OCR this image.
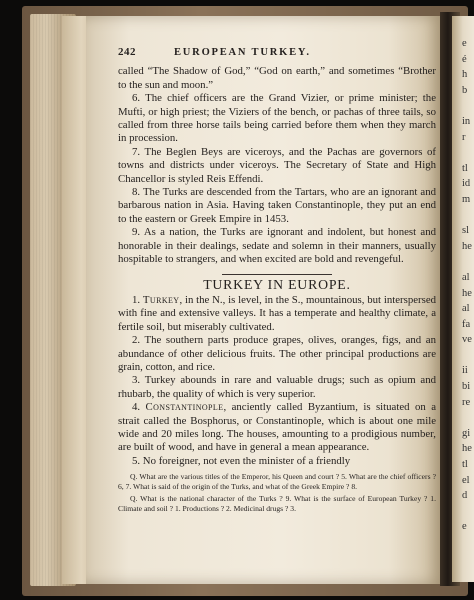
е
é
h
b

in
r

tl
id
m

sl
he

al
he
al
fa
ve

ii
bi
re

gi
he
tl
el
d

e
242	EUROPEAN TURKEY.

called “The Shadow of God,” “God on earth,” and sometimes “Brother to the sun and moon.”

6. The chief officers are the Grand Vizier, or prime minister; the Mufti, or high priest; the Viziers of the bench, or pachas of three tails, so called from three horse tails being carried before them when they march in procession.

7. The Beglen Beys are viceroys, and the Pachas are governors of towns and districts under viceroys. The Secretary of State and High Chancellor is styled Reis Effendi.

8. The Turks are descended from the Tartars, who are an ignorant and barbarous nation in Asia. Having taken Constantinople, they put an end to the eastern or Greek Empire in 1453.

9. As a nation, the Turks are ignorant and indolent, but honest and honorable in their dealings, sedate and solemn in their manners, usually hospitable to strangers, and when excited are bold and revengeful.

TURKEY IN EUROPE.

1. Turkey, in the N., is level, in the S., mountainous, but interspersed with fine and extensive valleys. It has a temperate and healthy climate, a fertile soil, but miserably cultivated.

2. The southern parts produce grapes, olives, oranges, figs, and an abundance of other delicious fruits. The other principal productions are grain, cotton, and rice.

3. Turkey abounds in rare and valuable drugs; such as opium and rhubarb, the quality of which is very superior.

4. Constantinople, anciently called Byzantium, is situated on a strait called the Bosphorus, or Constantinople, which is about one mile wide and 20 miles long. The houses, amounting to a prodigious number, are built of wood, and have in general a mean appearance.

5. No foreigner, not even the minister of a friendly

Q. What are the various titles of the Emperor, his Queen and court ? 5. What are the chief officers ? 6, 7. What is said of the origin of the Turks, and what of the Greek Empire ? 8.

Q. What is the national character of the Turks ? 9. What is the surface of European Turkey ? 1. Climate and soil ? 1. Productions ? 2. Medicinal drugs ? 3.
